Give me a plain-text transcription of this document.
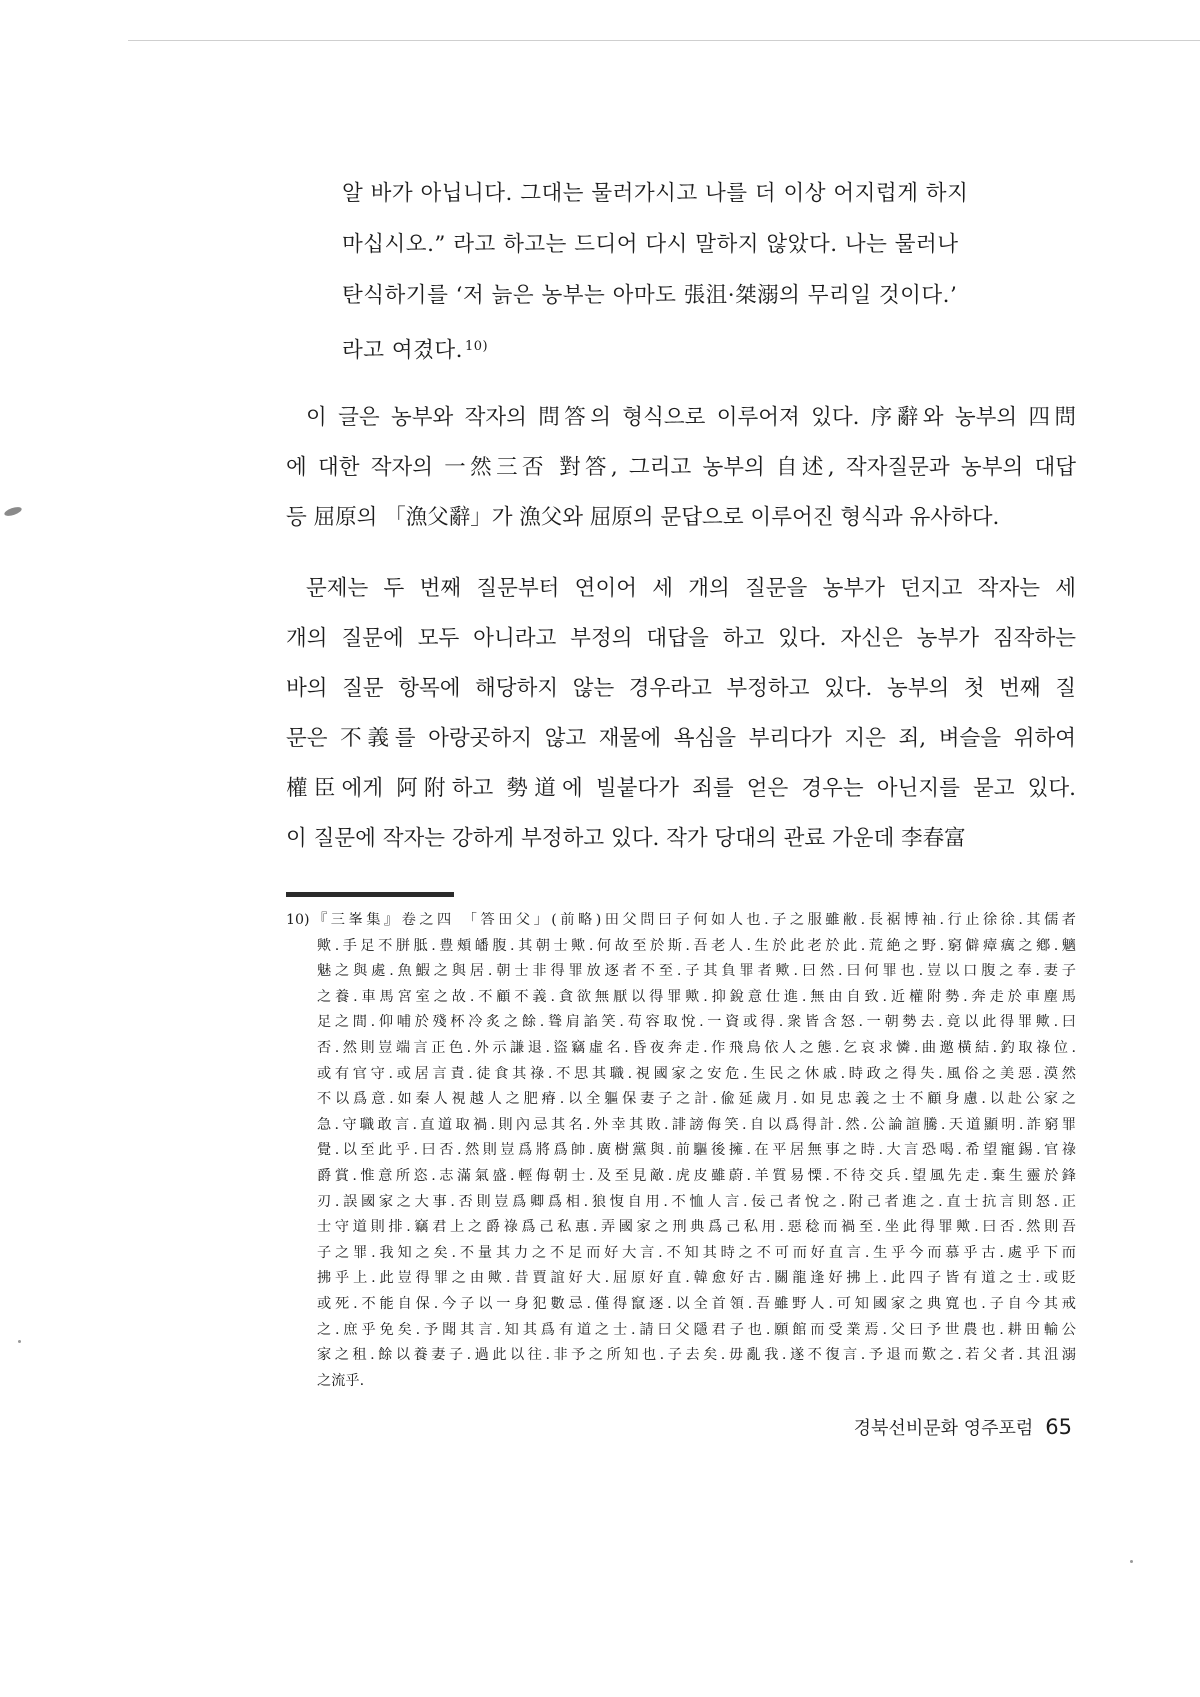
알 바가 아닙니다. 그대는 물러가시고 나를 더 이상 어지럽게 하지
마십시오.” 라고 하고는 드디어 다시 말하지 않았다. 나는 물러나
탄식하기를 ‘저 늙은 농부는 아마도 張沮·桀溺의 무리일 것이다.’
라고 여겼다. $^{10)}$
이 글은 농부와 작자의 問答의 형식으로 이루어져 있다. 序辭와 농부의 四問
에 대한 작자의 一然三否 對答, 그리고 농부의 自述, 작자질문과 농부의 대답
등 屈原의 「漁父辭」가 漁父와 屈原의 문답으로 이루어진 형식과 유사하다.
문제는 두 번째 질문부터 연이어 세 개의 질문을 농부가 던지고 작자는 세
개의 질문에 모두 아니라고 부정의 대답을 하고 있다. 자신은 농부가 짐작하는
바의 질문 항목에 해당하지 않는 경우라고 부정하고 있다. 농부의 첫 번째 질
문은 不義를 아랑곳하지 않고 재물에 욕심을 부리다가 지은 죄, 벼슬을 위하여
權臣에게 阿附하고 勢道에 빌붙다가 죄를 얻은 경우는 아닌지를 묻고 있다.
이 질문에 작자는 강하게 부정하고 있다. 작가 당대의 관료 가운데 李春富
10)『三峯集』卷之四 「答田父」(前略)田父問曰子何如人也.子之服雖敝.長裾博袖.行止徐徐.其儒者
歟.手足不胼胝.豊頰皤腹.其朝士歟.何故至於斯.吾老人.生於此老於此.荒絶之野.窮僻瘴癘之鄕.魑
魅之與處.魚鰕之與居.朝士非得罪放逐者不至.子其負罪者歟.曰然.曰何罪也.豈以口腹之奉.妻子
之養.車馬宮室之故.不顧不義.貪欲無厭以得罪歟.抑銳意仕進.無由自致.近權附勢.奔走於車塵馬
足之間.仰哺於殘杯冷炙之餘.聳肩諂笑.苟容取悅.一資或得.衆皆含怒.一朝勢去.竟以此得罪歟.曰
否.然則豈端言正色.外示謙退.盜竊虛名.昏夜奔走.作飛鳥依人之態.乞哀求憐.曲邀橫結.釣取祿位.
或有官守.或居言責.徒食其祿.不思其職.視國家之安危.生民之休戚.時政之得失.風俗之美惡.漠然
不以爲意.如秦人視越人之肥瘠.以全軀保妻子之計.偸延歲月.如見忠義之士不顧身慮.以赴公家之
急.守職敢言.直道取禍.則內忌其名.外幸其敗.誹謗侮笑.自以爲得計.然.公論諠騰.天道顯明.詐窮罪
覺.以至此乎.曰否.然則豈爲將爲帥.廣樹黨與.前驅後擁.在平居無事之時.大言恐喝.希望寵錫.官祿
爵賞.惟意所恣.志滿氣盛.輕侮朝士.及至見敵.虎皮雖蔚.羊質易慄.不待交兵.望風先走.棄生靈於鋒
刃.誤國家之大事.否則豈爲卿爲相.狼愎自用.不恤人言.佞己者悅之.附己者進之.直士抗言則怒.正
士守道則排.竊君上之爵祿爲己私惠.弄國家之刑典爲己私用.惡稔而禍至.坐此得罪歟.曰否.然則吾
子之罪.我知之矣.不量其力之不足而好大言.不知其時之不可而好直言.生乎今而慕乎古.處乎下而
拂乎上.此豈得罪之由歟.昔賈誼好大.屈原好直.韓愈好古.關龍逢好拂上.此四子皆有道之士.或貶
或死.不能自保.今子以一身犯數忌.僅得竄逐.以全首領.吾雖野人.可知國家之典寬也.子自今其戒
之.庶乎免矣.予聞其言.知其爲有道之士.請曰父隱君子也.願館而受業焉.父曰予世農也.耕田輸公
家之租.餘以養妻子.過此以往.非予之所知也.子去矣.毋亂我.遂不復言.予退而歎之.若父者.其沮溺
之流乎.
경북선비문화 영주포럼 65
